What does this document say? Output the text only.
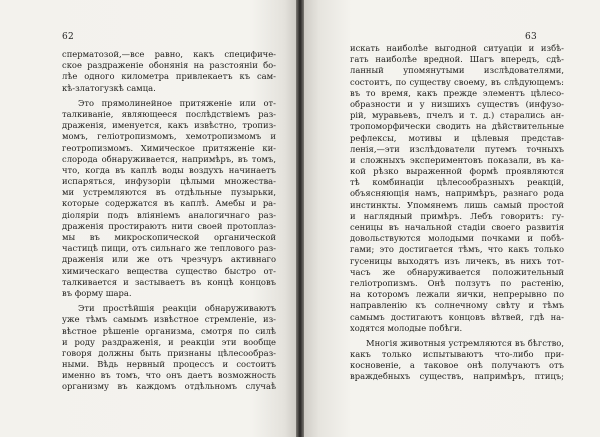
62
сперматозой,—все равно, какъ специфиче-
ское раздраженіе обонянія на разстояніи бо-
лѣе одного километра привлекаетъ къ сам-
кѣ-златогузкѣ самца.
Это прямолинейное притяженіе или от-
талкиваніе, являющееся послѣдствіемъ раз-
драженія, именуется, какъ извѣстно, тропиз-
момъ, геліотропизмомъ, хемотропизмомъ и
геотропизмомъ. Химическое притяженіе ки-
слорода обнаруживается, напримѣръ, въ томъ,
что, когда въ каплѣ воды воздухъ начинаетъ
испаряться, инфузоріи цѣлыми множества-
ми устремляются въ отдѣльные пузырьки,
которые содержатся въ каплѣ. Амебы и ра-
діоляріи подъ вліяніемъ аналогичнаго раз-
драженія простираютъ нити своей протоплаз-
мы въ микроскопической органической
частицѣ пищи, отъ сильнаго же теплового раз-
драженія или же отъ чрезчуръ активнаго
химическаго вещества существо быстро от-
талкивается и застываетъ въ концѣ концовъ
въ форму шара.
Эти простѣйшія реакціи обнаруживаютъ
уже тѣмъ самымъ извѣстное стремленіе, из-
вѣстное рѣшеніе организма, смотря по силѣ
и роду раздраженія, и реакціи эти вообще
говоря должны быть признаны цѣлесообраз-
ными. Вѣдь нервный процессъ и состоитъ
именно въ томъ, что онъ даетъ возможность
организму въ каждомъ отдѣльномъ случаѣ
63
искать наиболѣе выгодной ситуаціи и избѣ-
гать наиболѣе вредной. Шагъ впередъ, сдѣ-
ланный упомянутыми изслѣдователями,
состоитъ, по существу своему, въ слѣдующемъ:
въ то время, какъ прежде элементъ цѣлесо-
образности и у низшихъ существъ (инфузо-
рій, муравьевъ, пчелъ и т. д.) старались ан-
тропоморфически сводить на дѣйствительные
рефлексы, мотивы и цѣлевыя представ-
ленія,—эти изслѣдователи путемъ точныхъ
и сложныхъ экспериментовъ показали, въ ка-
кой рѣзко выраженной формѣ проявляются
тѣ комбинаціи цѣлесообразныхъ реакцій,
объясняющія намъ, напримѣръ, разнаго рода
инстинкты. Упомянемъ лишь самый простой
и наглядный примѣръ. Лебъ говоритъ: гу-
сеницы въ начальной стадіи своего развитія
довольствуются молодыми почками и побѣ-
гами; это достигается тѣмъ, что какъ только
гусеницы выходятъ изъ личекъ, въ нихъ тот-
часъ же обнаруживается положительный
геліотропизмъ. Онѣ ползутъ по растенію,
на которомъ лежали яички, непрерывно по
направленію къ солнечному свѣту и тѣмъ
самымъ достигаютъ концовъ вѣтвей, гдѣ на-
ходятся молодые побѣги.
Многія животныя устремляются въ бѣгство,
какъ только испытываютъ что-либо при-
косновеніе, а таковое онѣ получаютъ отъ
враждебныхъ существъ, напримѣръ, птицъ;
